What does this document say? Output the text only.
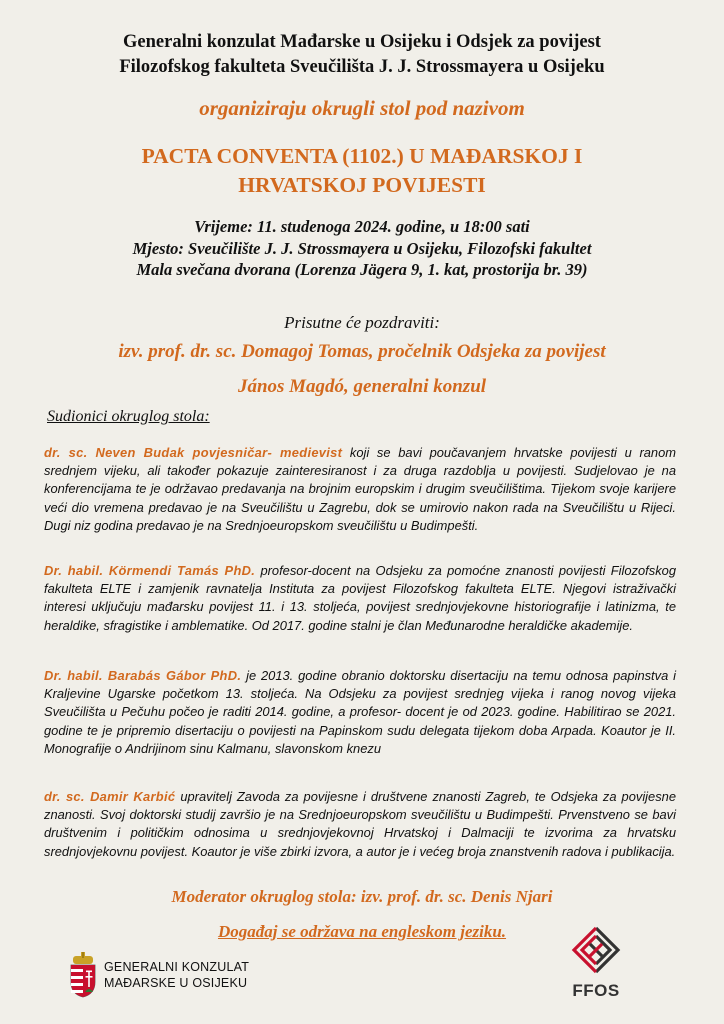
Generalni konzulat Mađarske u Osijeku i Odsjek za povijest
Filozofskog fakulteta Sveučilišta J. J. Strossmayera u Osijeku
organiziraju okrugli stol pod nazivom
PACTA CONVENTA (1102.) U MAĐARSKOJ I
HRVATSKOJ POVIJESTI
Vrijeme: 11. studenoga 2024. godine, u 18:00 sati
Mjesto: Sveučilište J. J. Strossmayera u Osijeku, Filozofski fakultet
Mala svečana dvorana (Lorenza Jägera 9, 1. kat, prostorija br. 39)
Prisutne će pozdraviti:
izv. prof. dr. sc. Domagoj Tomas, pročelnik Odsjeka za povijest
János Magdó, generalni konzul
Sudionici okruglog stola:

dr. sc. Neven Budak povjesničar- medievist koji se bavi poučavanjem hrvatske povijesti u ranom srednjem vijeku, ali također pokazuje zainteresiranost i za druga razdoblja u povijesti. Sudjelovao je na konferencijama te je održavao predavanja na brojnim europskim i drugim sveučilištima. Tijekom svoje karijere veći dio vremena predavao je na Sveučilištu u Zagrebu, dok se umirovio nakon rada na Sveučilištu u Rijeci. Dugi niz godina predavao je na Srednjoeuropskom sveučilištu u Budimpešti.

Dr. habil. Körmendi Tamás PhD. profesor-docent na Odsjeku za pomoćne znanosti povijesti Filozofskog fakulteta ELTE i zamjenik ravnatelja Instituta za povijest Filozofskog fakulteta ELTE. Njegovi istraživački interesi uključuju mađarsku povijest 11. i 13. stoljeća, povijest srednjovjekovne historiografije i latinizma, te heraldike, sfragistike i amblematike. Od 2017. godine stalni je član Međunarodne heraldičke akademije.

Dr. habil. Barabás Gábor PhD. je 2013. godine obranio doktorsku disertaciju na temu odnosa papinstva i Kraljevine Ugarske početkom 13. stoljeća. Na Odsjeku za povijest srednjeg vijeka i ranog novog vijeka Sveučilišta u Pečuhu počeo je raditi 2014. godine, a profesor- docent je od 2023. godine. Habilitirao se 2021. godine te je pripremio disertaciju o povijesti na Papinskom sudu delegata tijekom doba Arpada. Koautor je II. Monografije o Andrijinom sinu Kalmanu, slavonskom knezu

dr. sc. Damir Karbić upravitelj Zavoda za povijesne i društvene znanosti Zagreb, te Odsjeka za povijesne znanosti. Svoj doktorski studij završio je na Srednjoeuropskom sveučilištu u Budimpešti. Prvenstveno se bavi društvenim i političkim odnosima u srednjovjekovnoj Hrvatskoj i Dalmaciji te izvorima za hrvatsku srednjovjekovnu povijest. Koautor je više zbirki izvora, a autor je i većeg broja znanstvenih radova i publikacija.

Moderator okruglog stola: izv. prof. dr. sc. Denis Njari
Događaj se održava na engleskom jeziku.
GENERALNI KONZULAT
MAĐARSKE U OSIJEKU	FFOS
